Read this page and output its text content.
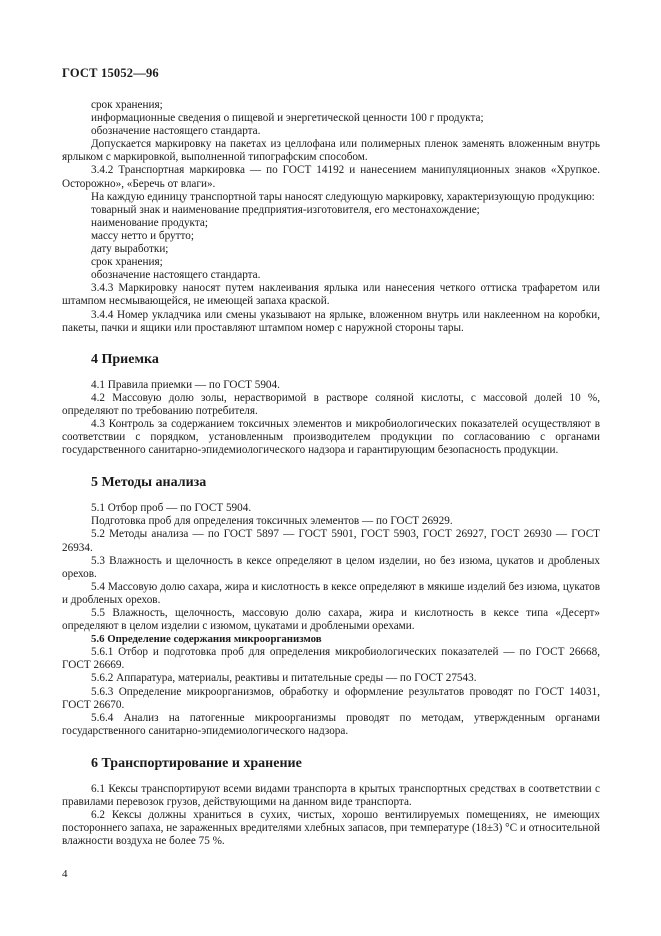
ГОСТ 15052—96
срок хранения;
информационные сведения о пищевой и энергетической ценности 100 г продукта;
обозначение настоящего стандарта.
Допускается маркировку на пакетах из целлофана или полимерных пленок заменять вложенным внутрь ярлыком с маркировкой, выполненной типографским способом.
3.4.2 Транспортная маркировка — по ГОСТ 14192 и нанесением манипуляционных знаков «Хрупкое. Осторожно», «Беречь от влаги».
На каждую единицу транспортной тары наносят следующую маркировку, характеризующую продукцию:
товарный знак и наименование предприятия-изготовителя, его местонахождение;
наименование продукта;
массу нетто и брутто;
дату выработки;
срок хранения;
обозначение настоящего стандарта.
3.4.3 Маркировку наносят путем наклеивания ярлыка или нанесения четкого оттиска трафаретом или штампом несмывающейся, не имеющей запаха краской.
3.4.4 Номер укладчика или смены указывают на ярлыке, вложенном внутрь или наклеенном на коробки, пакеты, пачки и ящики или проставляют штампом номер с наружной стороны тары.
4 Приемка
4.1 Правила приемки — по ГОСТ 5904.
4.2 Массовую долю золы, нерастворимой в растворе соляной кислоты, с массовой долей 10 %, определяют по требованию потребителя.
4.3 Контроль за содержанием токсичных элементов и микробиологических показателей осуществляют в соответствии с порядком, установленным производителем продукции по согласованию с органами государственного санитарно-эпидемиологического надзора и гарантирующим безопасность продукции.
5 Методы анализа
5.1 Отбор проб — по ГОСТ 5904.
Подготовка проб для определения токсичных элементов — по ГОСТ 26929.
5.2 Методы анализа — по ГОСТ 5897 — ГОСТ 5901, ГОСТ 5903, ГОСТ 26927, ГОСТ 26930 — ГОСТ 26934.
5.3 Влажность и щелочность в кексе определяют в целом изделии, но без изюма, цукатов и дробленых орехов.
5.4 Массовую долю сахара, жира и кислотность в кексе определяют в мякише изделий без изюма, цукатов и дробленых орехов.
5.5 Влажность, щелочность, массовую долю сахара, жира и кислотность в кексе типа «Десерт» определяют в целом изделии с изюмом, цукатами и дроблеными орехами.
5.6 Определение содержания микроорганизмов
5.6.1 Отбор и подготовка проб для определения микробиологических показателей — по ГОСТ 26668, ГОСТ 26669.
5.6.2 Аппаратура, материалы, реактивы и питательные среды — по ГОСТ 27543.
5.6.3 Определение микроорганизмов, обработку и оформление результатов проводят по ГОСТ 14031, ГОСТ 26670.
5.6.4 Анализ на патогенные микроорганизмы проводят по методам, утвержденным органами государственного санитарно-эпидемиологического надзора.
6 Транспортирование и хранение
6.1 Кексы транспортируют всеми видами транспорта в крытых транспортных средствах в соответствии с правилами перевозок грузов, действующими на данном виде транспорта.
6.2 Кексы должны храниться в сухих, чистых, хорошо вентилируемых помещениях, не имеющих постороннего запаха, не зараженных вредителями хлебных запасов, при температуре (18±3) °С и относительной влажности воздуха не более 75 %.
4
